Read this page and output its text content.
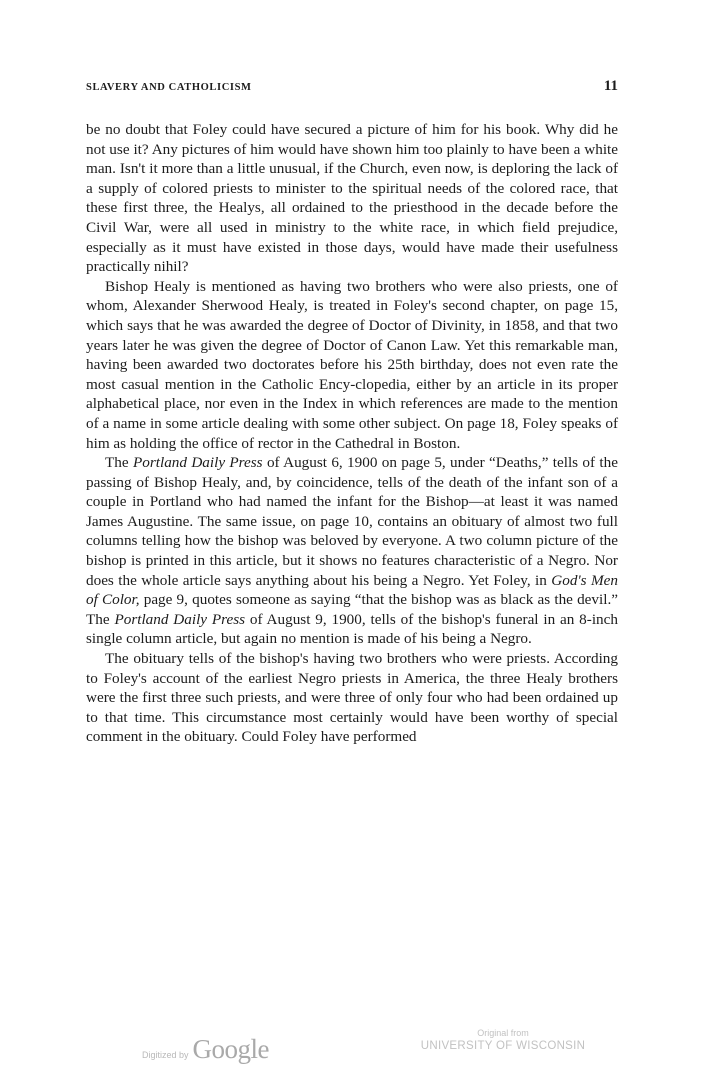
SLAVERY AND CATHOLICISM	11

be no doubt that Foley could have secured a picture of him for his book. Why did he not use it? Any pictures of him would have shown him too plainly to have been a white man. Isn't it more than a little unusual, if the Church, even now, is deploring the lack of a supply of colored priests to minister to the spiritual needs of the colored race, that these first three, the Healys, all ordained to the priesthood in the decade before the Civil War, were all used in ministry to the white race, in which field prejudice, especially as it must have existed in those days, would have made their usefulness practically nihil?

Bishop Healy is mentioned as having two brothers who were also priests, one of whom, Alexander Sherwood Healy, is treated in Foley's second chapter, on page 15, which says that he was awarded the degree of Doctor of Divinity, in 1858, and that two years later he was given the degree of Doctor of Canon Law. Yet this remarkable man, having been awarded two doctorates before his 25th birthday, does not even rate the most casual mention in the Catholic Ency-clopedia, either by an article in its proper alphabetical place, nor even in the Index in which references are made to the mention of a name in some article dealing with some other subject. On page 18, Foley speaks of him as holding the office of rector in the Cathedral in Boston.

The Portland Daily Press of August 6, 1900 on page 5, under “Deaths,” tells of the passing of Bishop Healy, and, by coincidence, tells of the death of the infant son of a couple in Portland who had named the infant for the Bishop—at least it was named James Augustine. The same issue, on page 10, contains an obituary of almost two full columns telling how the bishop was beloved by everyone. A two column picture of the bishop is printed in this article, but it shows no features characteristic of a Negro. Nor does the whole article says anything about his being a Negro. Yet Foley, in God's Men of Color, page 9, quotes someone as saying “that the bishop was as black as the devil.” The Portland Daily Press of August 9, 1900, tells of the bishop's funeral in an 8-inch single column article, but again no mention is made of his being a Negro.

The obituary tells of the bishop's having two brothers who were priests. According to Foley's account of the earliest Negro priests in America, the three Healy brothers were the first three such priests, and were three of only four who had been ordained up to that time. This circumstance most certainly would have been worthy of special comment in the obituary. Could Foley have performed

Digitized by Google
Original from
UNIVERSITY OF WISCONSIN
